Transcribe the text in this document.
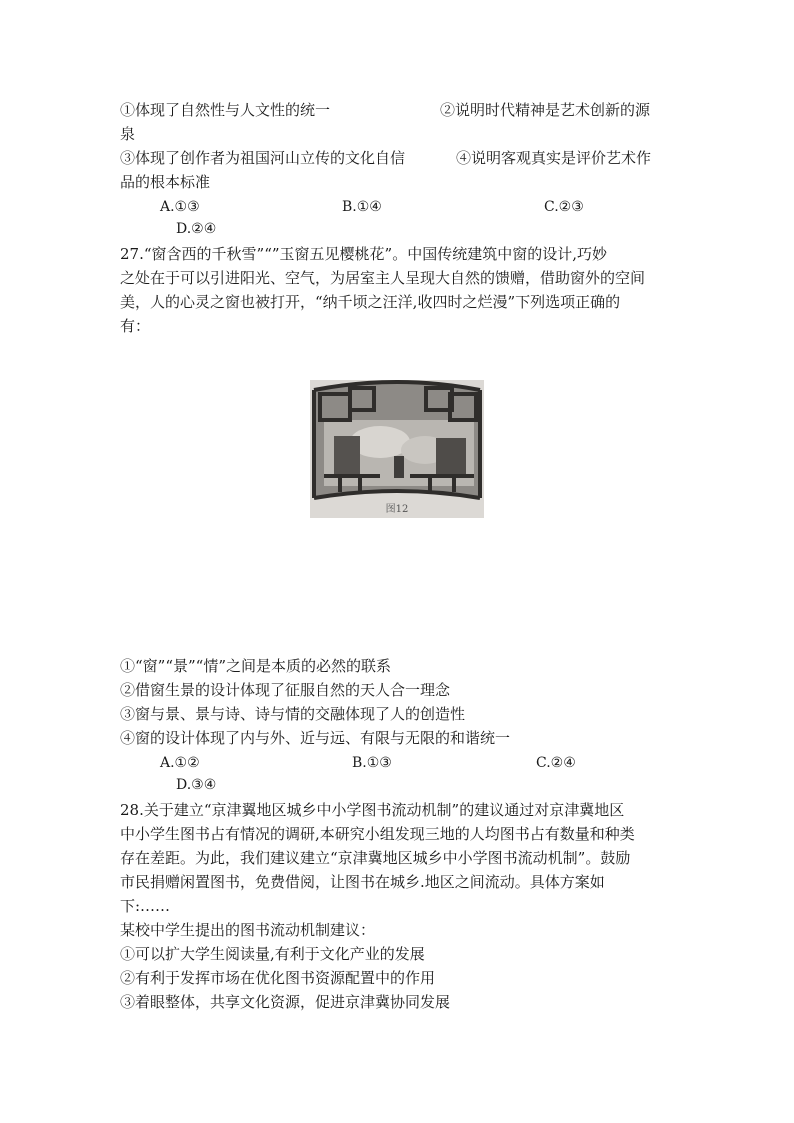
①体现了自然性与人文性的统一	②说明时代精神是艺术创新的源
泉
③体现了创作者为祖国河山立传的文化自信	④说明客观真实是评价艺术作
品的根本标准
A.①③	B.①④	C.②③
D.②④
27.“窗含西的千秋雪”“”玉窗五见樱桃花”。中国传统建筑中窗的设计,巧妙
之处在于可以引进阳光、空气，为居室主人呈现大自然的馈赠，借助窗外的空间
美，人的心灵之窗也被打开，“纳千顷之汪洋,收四时之烂漫”下列选项正确的
有：
图12
①“窗”“景”“情”之间是本质的必然的联系
②借窗生景的设计体现了征服自然的天人合一理念
③窗与景、景与诗、诗与情的交融体现了人的创造性
④窗的设计体现了内与外、近与远、有限与无限的和谐统一
A.①②	B.①③	C.②④
D.③④
28.关于建立“京津翼地区城乡中小学图书流动机制”的建议通过对京津冀地区
中小学生图书占有情况的调研,本研究小组发现三地的人均图书占有数量和种类
存在差距。为此，我们建议建立“京津冀地区城乡中小学图书流动机制”。鼓励
市民捐赠闲置图书，免费借阅，让图书在城乡.地区之间流动。具体方案如
下:……
某校中学生提出的图书流动机制建议：
①可以扩大学生阅读量,有利于文化产业的发展
②有利于发挥市场在优化图书资源配置中的作用
③着眼整体，共享文化资源，促进京津冀协同发展
